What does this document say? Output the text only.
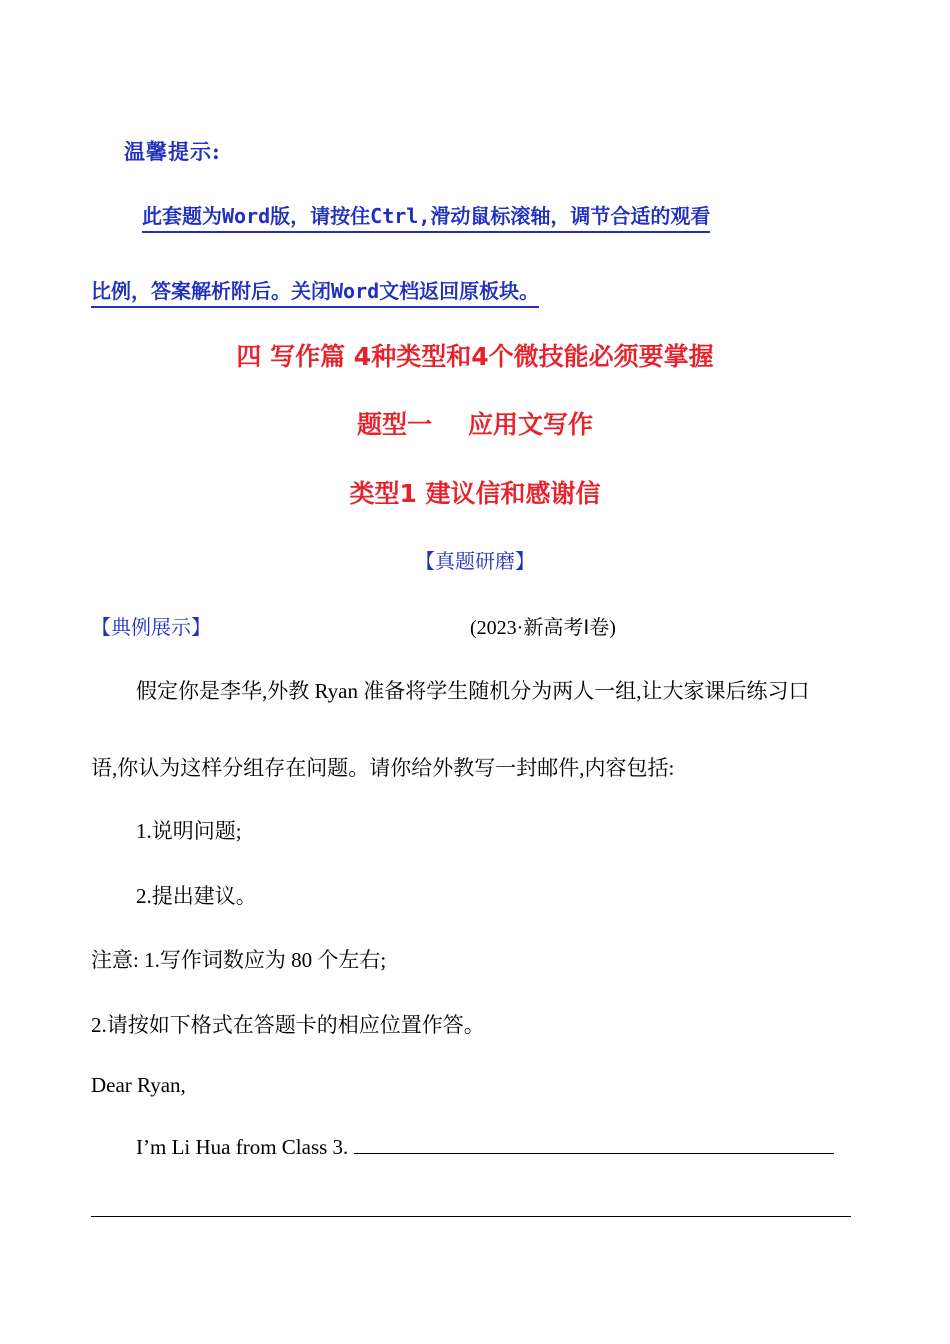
温馨提示:
此套题为Word版，请按住Ctrl,滑动鼠标滚轴，调节合适的观看
比例，答案解析附后。关闭Word文档返回原板块。
四 写作篇 4种类型和4个微技能必须要掌握
题型一 应用文写作
类型1 建议信和感谢信
【真题研磨】
【典例展示】	(2023·新高考Ⅰ卷)
假定你是李华,外教 Ryan 准备将学生随机分为两人一组,让大家课后练习口
语,你认为这样分组存在问题。请你给外教写一封邮件,内容包括:
1.说明问题;
2.提出建议。
注意: 1.写作词数应为 80 个左右;
2.请按如下格式在答题卡的相应位置作答。
Dear Ryan,
I’m Li Hua from Class 3.
